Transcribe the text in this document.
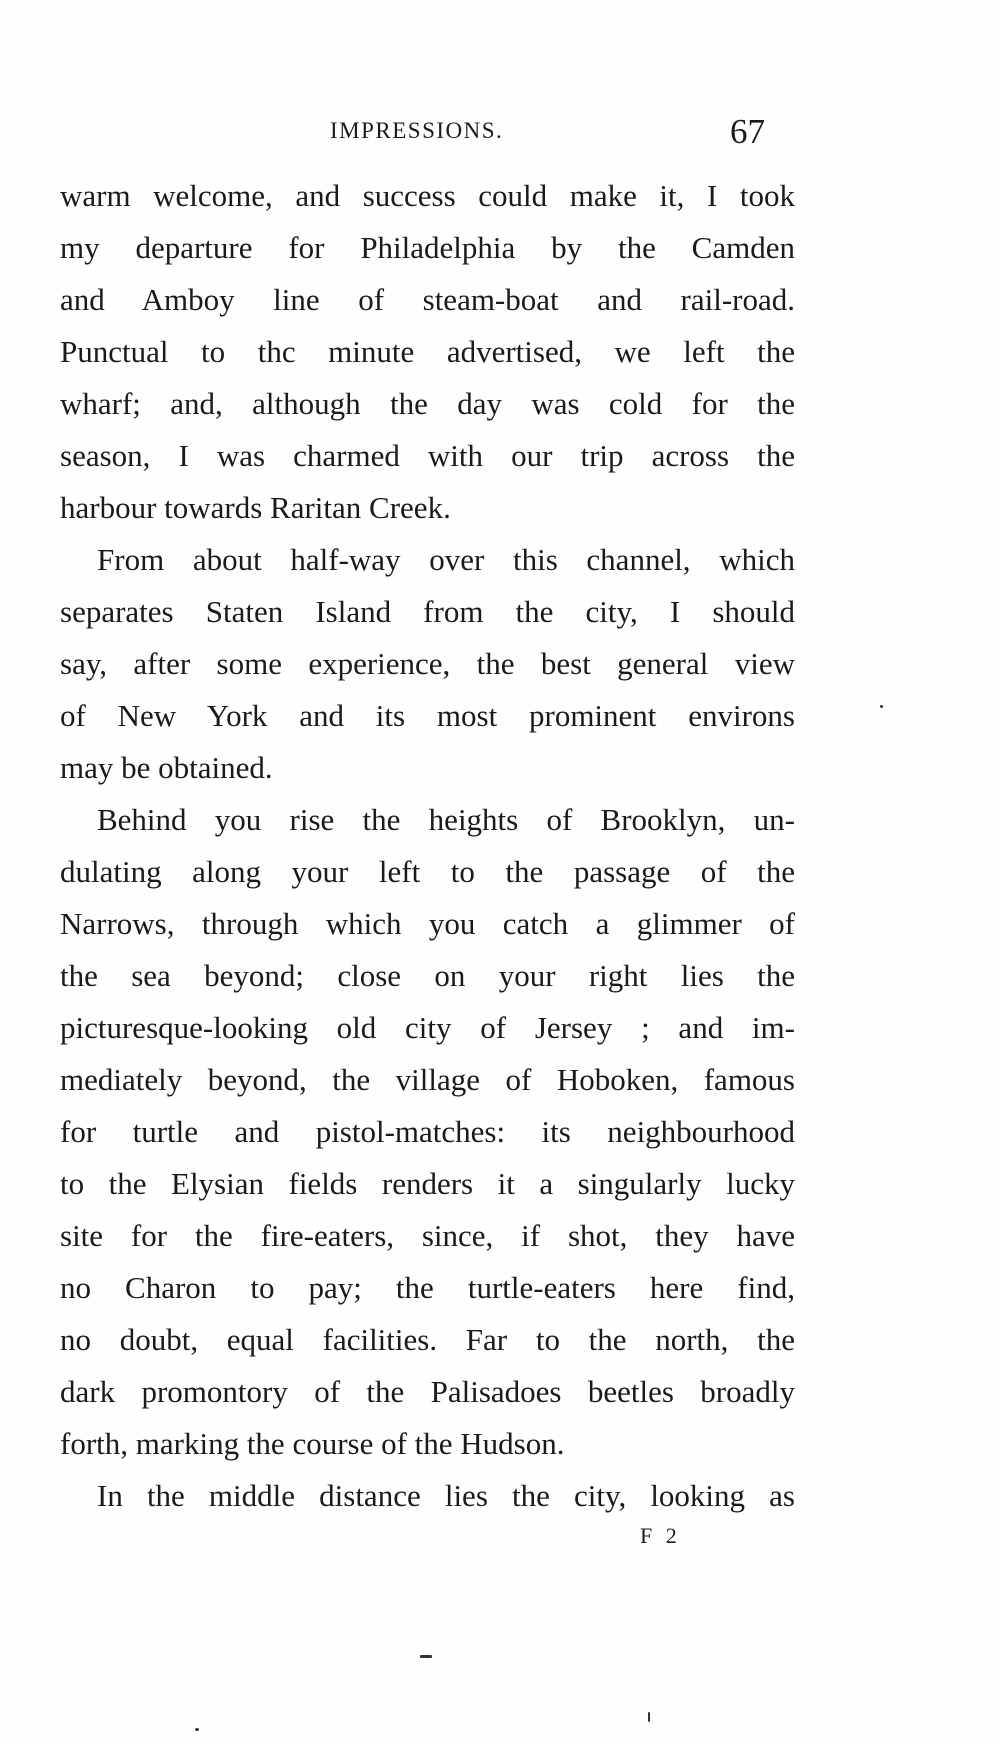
IMPRESSIONS.	67
warm welcome, and success could make it, I took
my departure for Philadelphia by the Camden
and Amboy line of steam-boat and rail-road.
Punctual to thc minute advertised, we left the
wharf; and, although the day was cold for the
season, I was charmed with our trip across the
harbour towards Raritan Creek.
From about half-way over this channel, which
separates Staten Island from the city, I should
say, after some experience, the best general view
of New York and its most prominent environs
may be obtained.
Behind you rise the heights of Brooklyn, un-
dulating along your left to the passage of the
Narrows, through which you catch a glimmer of
the sea beyond; close on your right lies the
picturesque-looking old city of Jersey ; and im-
mediately beyond, the village of Hoboken, famous
for turtle and pistol-matches: its neighbourhood
to the Elysian fields renders it a singularly lucky
site for the fire-eaters, since, if shot, they have
no Charon to pay; the turtle-eaters here find,
no doubt, equal facilities. Far to the north, the
dark promontory of the Palisadoes beetles broadly
forth, marking the course of the Hudson.
In the middle distance lies the city, looking as
F 2
